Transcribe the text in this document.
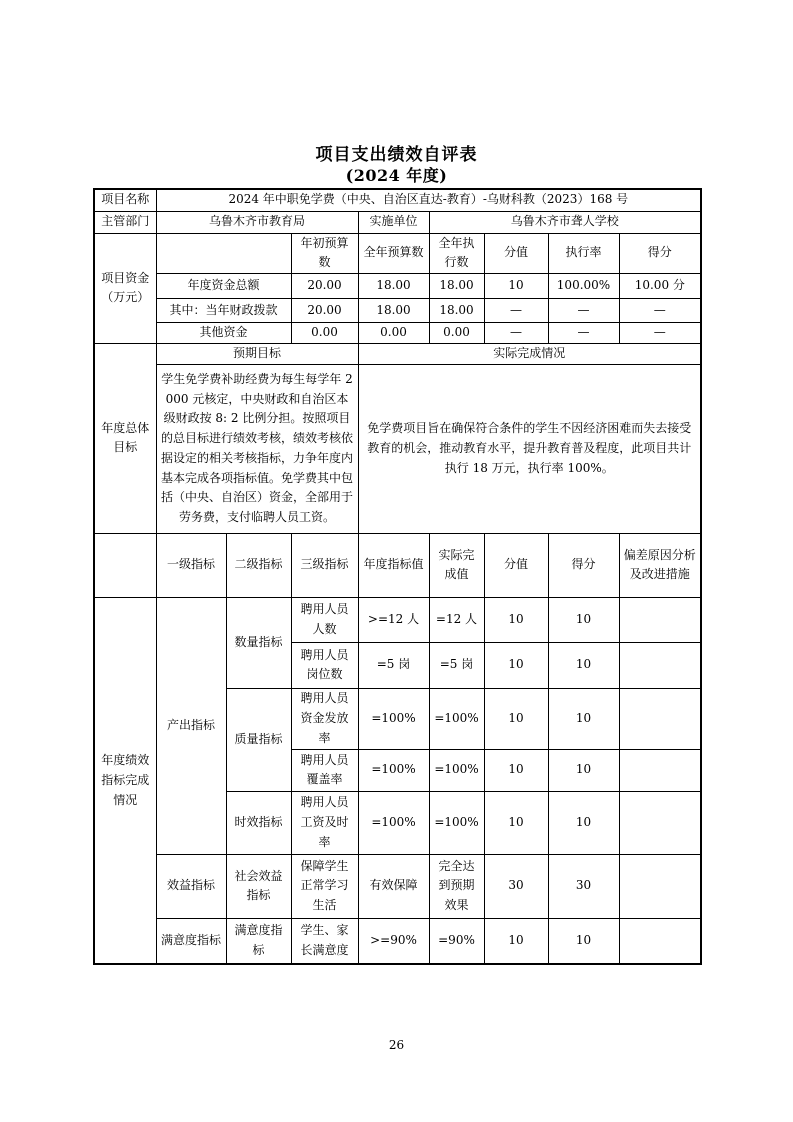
项目支出绩效自评表
(2024 年度)
项目名称	2024 年中职免学费（中央、自治区直达-教育）-乌财科教（2023）168 号							
主管部门	乌鲁木齐市教育局			实施单位	乌鲁木齐市聋人学校			
项目资金（万元）			年初预算数	全年预算数	全年执行数	分值	执行率	得分
	年度资金总额		20.00	18.00	18.00	10	100.00%	10.00 分
	其中：当年财政拨款		20.00	18.00	18.00	—	—	—
	其他资金		0.00	0.00	0.00	—	—	—
年度总体目标	预期目标			实际完成情况				
	学生免学费补助经费为每生每学年 2000 元核定，中央财政和自治区本级财政按 8: 2 比例分担。按照项目的总目标进行绩效考核，绩效考核依据设定的相关考核指标，力争年度内基本完成各项指标值。免学费其中包括（中央、自治区）资金，全部用于劳务费，支付临聘人员工资。			免学费项目旨在确保符合条件的学生不因经济困难而失去接受教育的机会，推动教育水平，提升教育普及程度，此项目共计执行 18 万元，执行率 100%。				
	一级指标	二级指标	三级指标	年度指标值	实际完成值	分值	得分	偏差原因分析及改进措施
年度绩效指标完成情况	产出指标	数量指标	聘用人员人数	>=12 人	=12 人	10	10	
			聘用人员岗位数	=5 岗	=5 岗	10	10	
		质量指标	聘用人员资金发放率	=100%	=100%	10	10	
			聘用人员覆盖率	=100%	=100%	10	10	
		时效指标	聘用人员工资及时率	=100%	=100%	10	10	
	效益指标	社会效益指标	保障学生正常学习生活	有效保障	完全达到预期效果	30	30	
	满意度指标	满意度指标	学生、家长满意度	>=90%	=90%	10	10	
26
